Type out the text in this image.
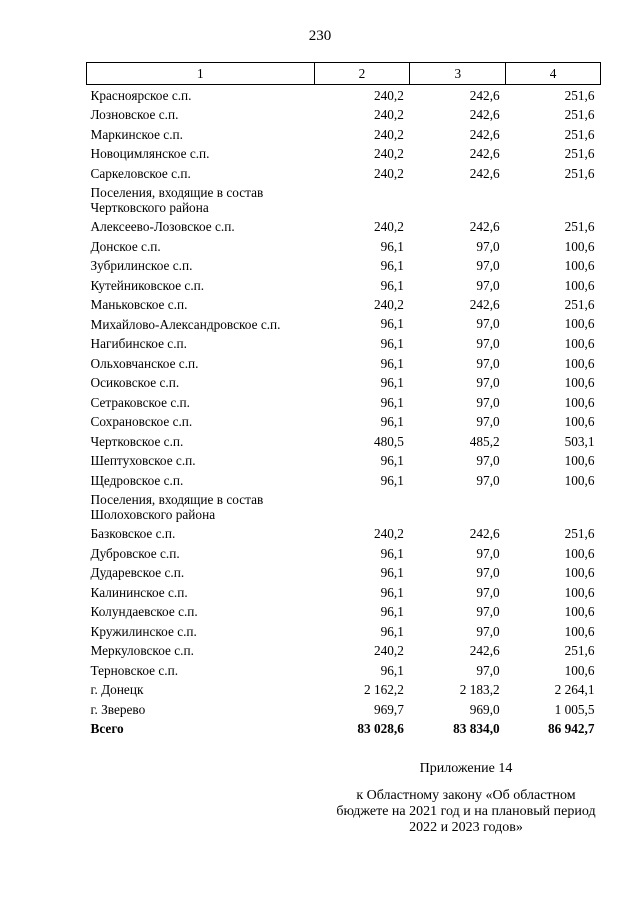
230
1	2	3	4
Красноярское с.п.	240,2	242,6	251,6
Лозновское с.п.	240,2	242,6	251,6
Маркинское с.п.	240,2	242,6	251,6
Новоцимлянское с.п.	240,2	242,6	251,6
Саркеловское с.п.	240,2	242,6	251,6
Поселения, входящие в состав Чертковского района			
Алексеево-Лозовское с.п.	240,2	242,6	251,6
Донское с.п.	96,1	97,0	100,6
Зубрилинское с.п.	96,1	97,0	100,6
Кутейниковское с.п.	96,1	97,0	100,6
Маньковское с.п.	240,2	242,6	251,6
Михайлово-Александровское с.п.	96,1	97,0	100,6
Нагибинское с.п.	96,1	97,0	100,6
Ольховчанское с.п.	96,1	97,0	100,6
Осиковское с.п.	96,1	97,0	100,6
Сетраковское с.п.	96,1	97,0	100,6
Сохрановское с.п.	96,1	97,0	100,6
Чертковское с.п.	480,5	485,2	503,1
Шептуховское с.п.	96,1	97,0	100,6
Щедровское с.п.	96,1	97,0	100,6
Поселения, входящие в состав Шолоховского района			
Базковское с.п.	240,2	242,6	251,6
Дубровское с.п.	96,1	97,0	100,6
Дударевское с.п.	96,1	97,0	100,6
Калининское с.п.	96,1	97,0	100,6
Колундаевское с.п.	96,1	97,0	100,6
Кружилинское с.п.	96,1	97,0	100,6
Меркуловское с.п.	240,2	242,6	251,6
Терновское с.п.	96,1	97,0	100,6
г. Донецк	2 162,2	2 183,2	2 264,1
г. Зверево	969,7	969,0	1 005,5
Всего	83 028,6	83 834,0	86 942,7
Приложение 14
к Областному закону «Об областном бюджете на 2021 год и на плановый период 2022 и 2023 годов»
